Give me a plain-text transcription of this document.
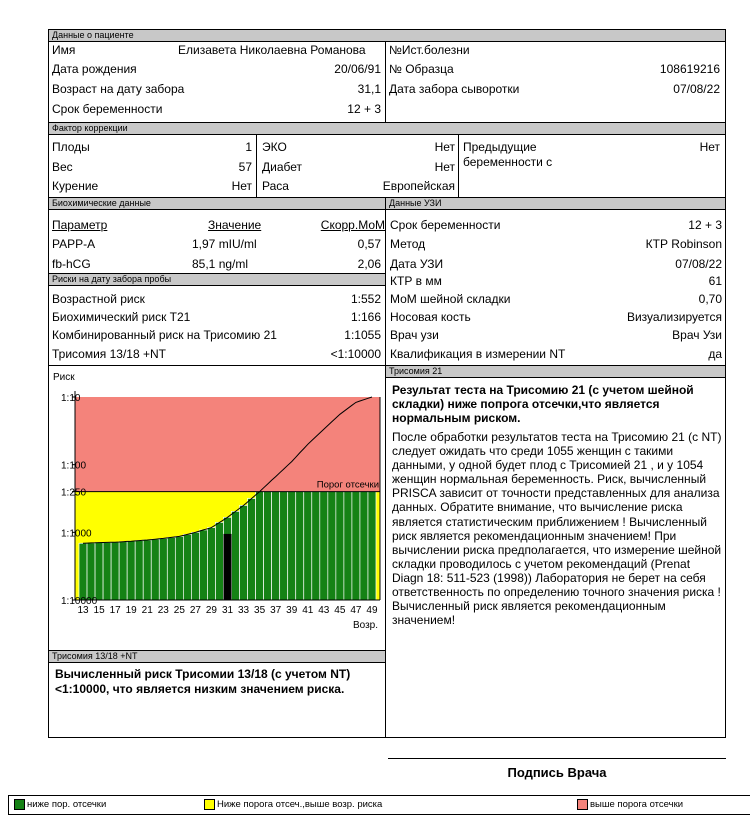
Данные о пациенте
Имя	Елизавета Николаевна Романова
Дата рождения	20/06/91
Возраст на дату забора	31,1
Срок беременности	12 + 3
№Ист.болезни
№ Образца	108619216
Дата забора сыворотки	07/08/22
Фактор коррекции
Плоды	1
Вес	57
Курение	Нет
ЭКО	Нет
Диабет	Нет
Раса	Европейская
Предыдущие
беременности с
Нет
Биохимические данные	Данные УЗИ
Параметр	Значение	Скорр.МоМ
PAPP-A	1,97 mIU/ml	0,57
fb-hCG	85,1 ng/ml	2,06
Риски на дату забора пробы
Возрастной риск	1:552
Биохимический риск Т21	1:166
Комбинированный риск на Трисомию 21	1:1055
Трисомия 13/18 +NT	<1:10000
Срок беременности	12 + 3
Метод	КТР Robinson
Дата УЗИ	07/08/22
КТР в мм	61
МоМ шейной складки	0,70
Носовая кость	Визуализируется
Врач узи	Врач Узи
Квалификация в измерении NT	да
Трисомия 21
Результат теста на Трисомию 21 (с учетом шейной складки) ниже попрога отсечки,что является нормальным риском.
После обработки результатов теста на Трисомию 21 (с NT) следует ожидать что среди 1055 женщин с такими данными, у одной будет плод с Трисомией 21 , и у 1054 женщин нормальная беременность. Риск, вычисленный PRISCA зависит от точности представленных для анализа данных. Обратите внимание, что вычисление риска является статистическим приближением ! Вычисленный риск является рекомендационным значением! При вычислении риска предполагается, что измерение шейной складки проводилось с учетом рекомендаций (Prenat Diagn 18: 511-523 (1998)) Лаборатория не берет на себя ответственность по определению точного значения риска ! Вычисленный риск является рекомендационным значением!
Риск
Порог отсечки
1:10
1:100
1:250
1:1000
1:10000
13 15 17 19 21 23 25 27 29 31 33 35 37 39 41 43 45 47 49
Возр.
Трисомия 13/18 +NT
Вычисленный риск Трисомии 13/18 (с учетом NT) <1:10000, что является низким значением риска.
Подпись Врача
ниже пор. отсечки	Ниже порога отсеч.,выше возр. риска	выше порога отсечки
